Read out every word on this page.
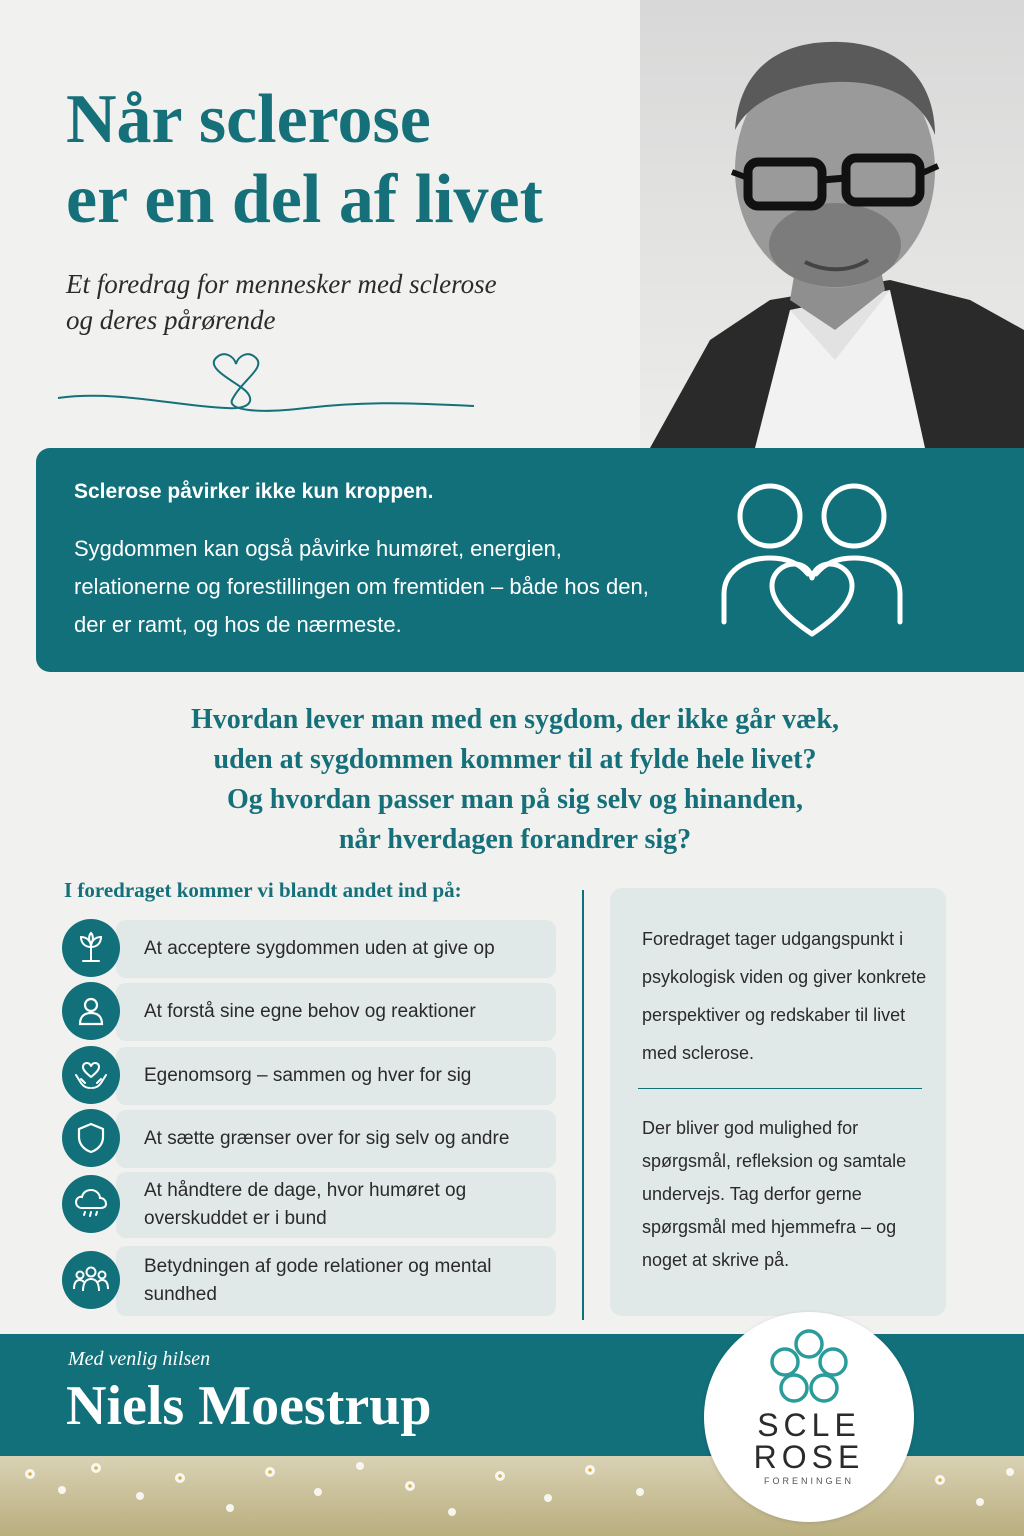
Når sclerose
er en del af livet
Et foredrag for mennesker med sclerose
og deres pårørende
Sclerose påvirker ikke kun kroppen.

Sygdommen kan også påvirke humøret, energien, relationerne og forestillingen om fremtiden – både hos den, der er ramt, og hos de nærmeste.

Hvordan lever man med en sygdom, der ikke går væk,
uden at sygdommen kommer til at fylde hele livet?
Og hvordan passer man på sig selv og hinanden,
når hverdagen forandrer sig?
I foredraget kommer vi blandt andet ind på:
At acceptere sygdommen uden at give op
At forstå sine egne behov og reaktioner
Egenomsorg – sammen og hver for sig
At sætte grænser over for sig selv og andre
At håndtere de dage, hvor humøret og overskuddet er i bund
Betydningen af gode relationer og mental sundhed

Foredraget tager udgangspunkt i psykologisk viden og giver konkrete perspektiver og redskaber til livet med sclerose.

Der bliver god mulighed for spørgsmål, refleksion og samtale undervejs. Tag derfor gerne spørgsmål med hjemmefra – og noget at skrive på.

Med venlig hilsen
Niels Moestrup	SCLE
ROSE
FORENINGEN
